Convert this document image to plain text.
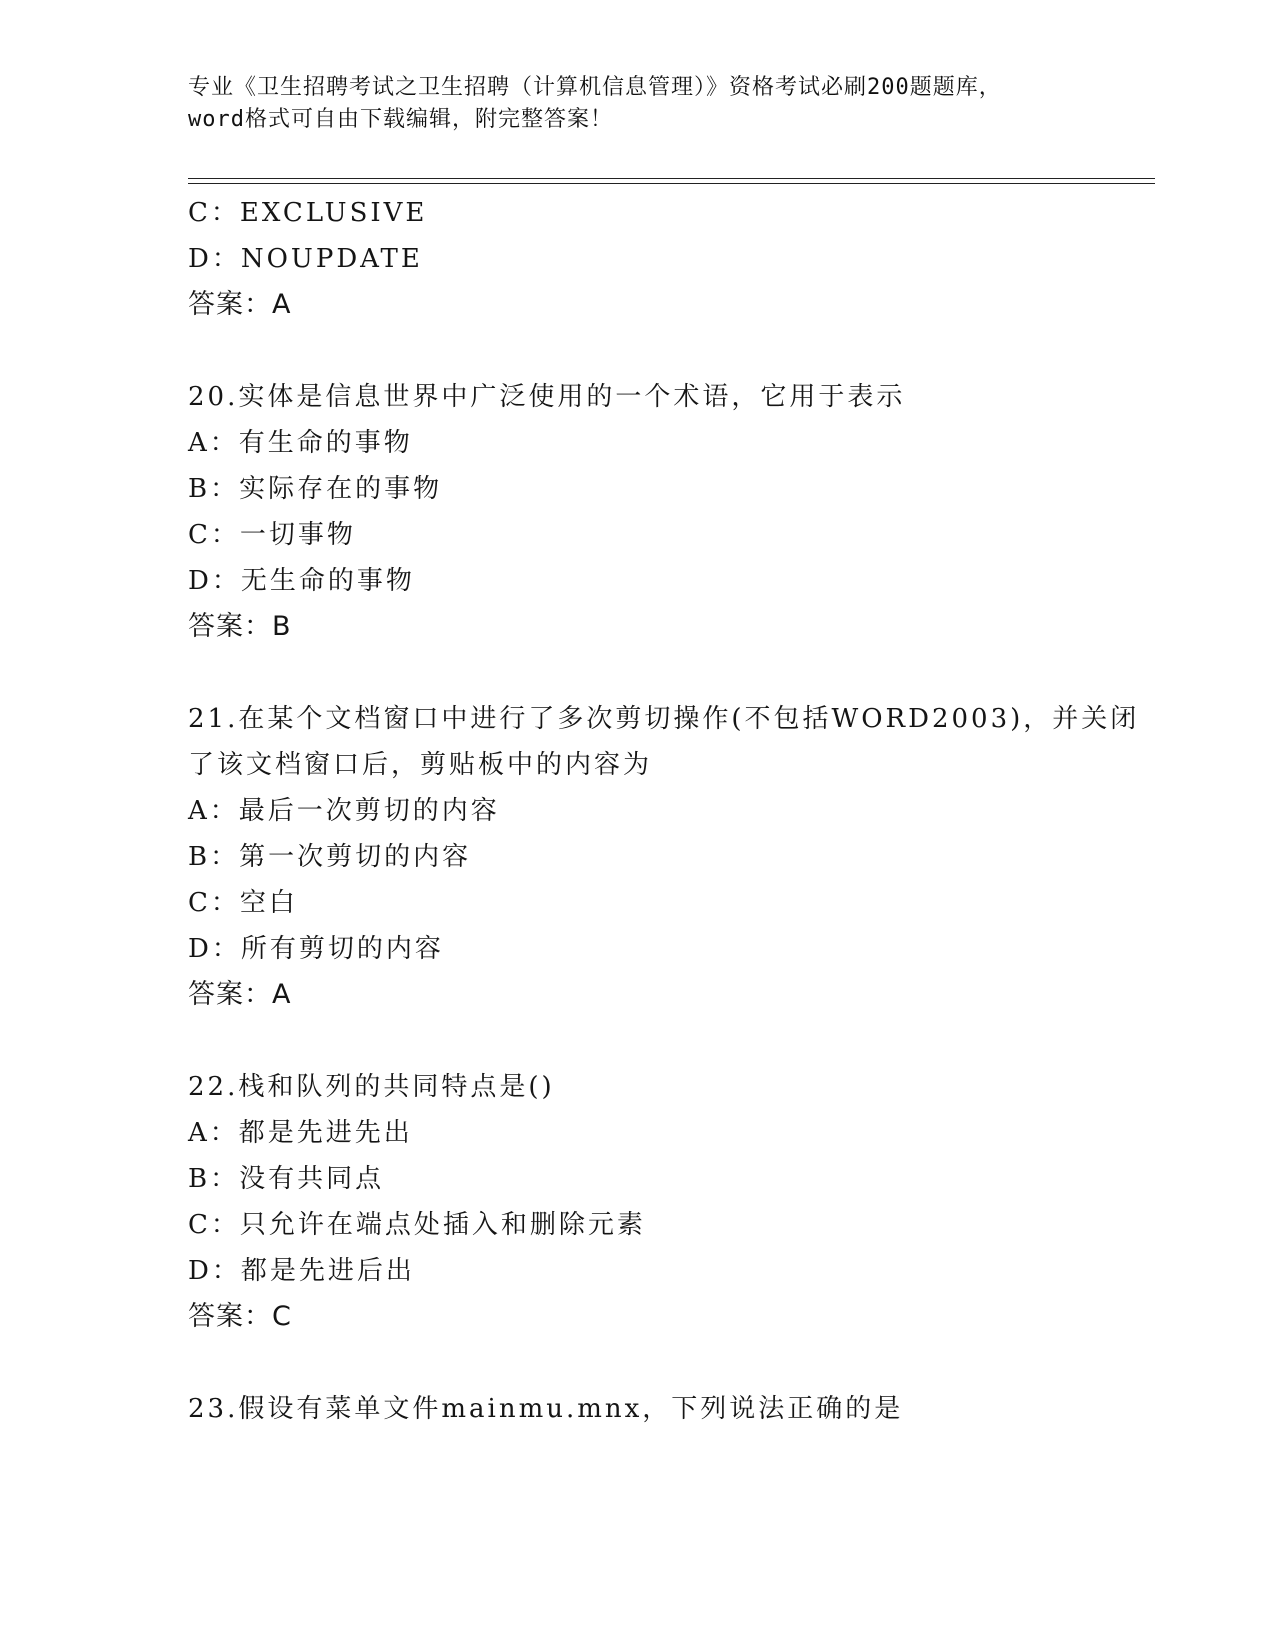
专业《卫生招聘考试之卫生招聘（计算机信息管理）》资格考试必刷200题题库，
word格式可自由下载编辑，附完整答案！
C：EXCLUSIVE
D：NOUPDATE
答案：A
20.实体是信息世界中广泛使用的一个术语，它用于表示
A：有生命的事物
B：实际存在的事物
C：一切事物
D：无生命的事物
答案：B
21.在某个文档窗口中进行了多次剪切操作(不包括WORD2003)，并关闭
了该文档窗口后，剪贴板中的内容为
A：最后一次剪切的内容
B：第一次剪切的内容
C：空白
D：所有剪切的内容
答案：A
22.栈和队列的共同特点是()
A：都是先进先出
B：没有共同点
C：只允许在端点处插入和删除元素
D：都是先进后出
答案：C
23.假设有菜单文件mainmu.mnx，下列说法正确的是
